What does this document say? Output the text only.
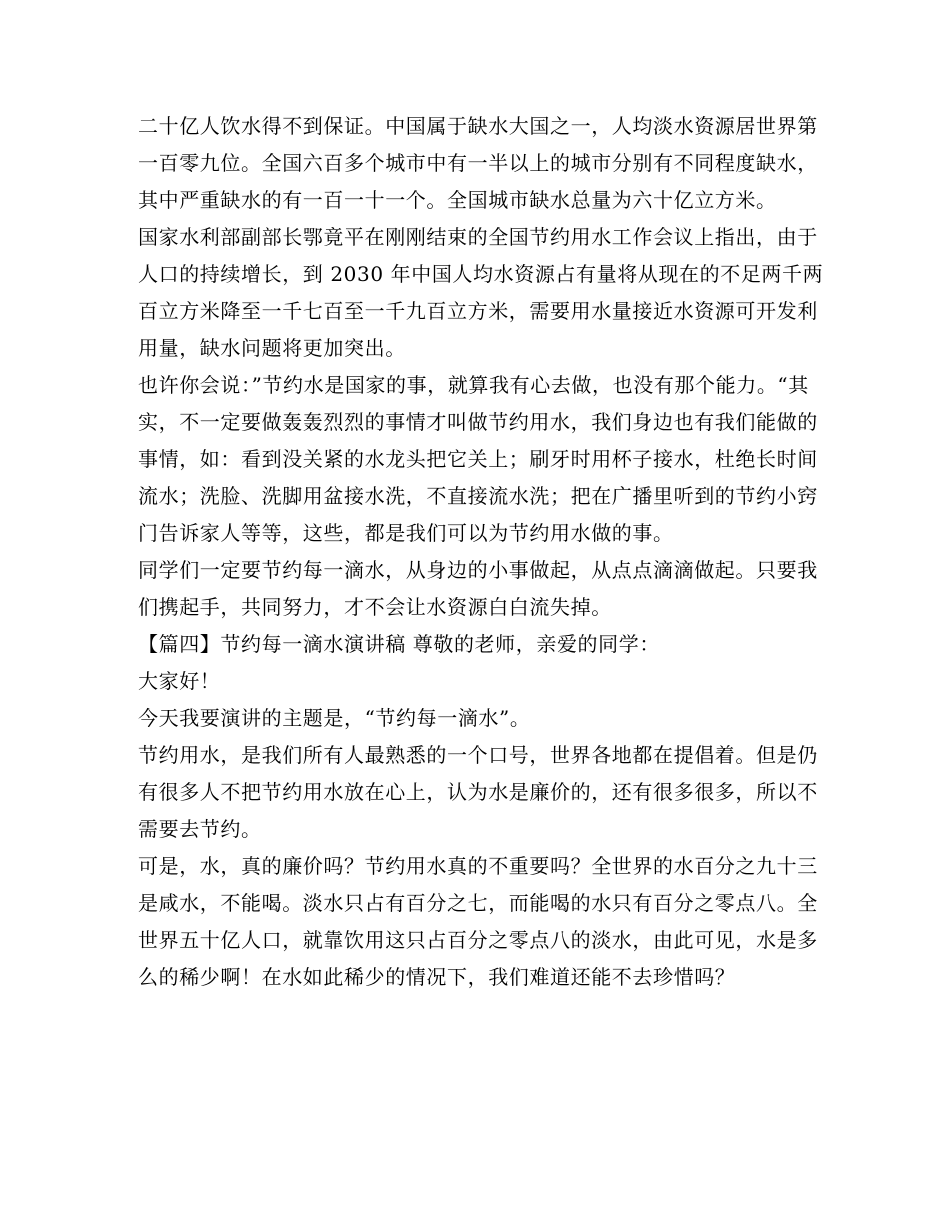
二十亿人饮水得不到保证。中国属于缺水大国之一，人均淡水资源居世界第一百零九位。全国六百多个城市中有一半以上的城市分别有不同程度缺水，其中严重缺水的有一百一十一个。全国城市缺水总量为六十亿立方米。

国家水利部副部长鄂竟平在刚刚结束的全国节约用水工作会议上指出，由于人口的持续增长，到 2030 年中国人均水资源占有量将从现在的不足两千两百立方米降至一千七百至一千九百立方米，需要用水量接近水资源可开发利用量，缺水问题将更加突出。

也许你会说：”节约水是国家的事，就算我有心去做，也没有那个能力。“其实，不一定要做轰轰烈烈的事情才叫做节约用水，我们身边也有我们能做的事情，如：看到没关紧的水龙头把它关上；刷牙时用杯子接水，杜绝长时间流水；洗脸、洗脚用盆接水洗，不直接流水洗；把在广播里听到的节约小窍门告诉家人等等，这些，都是我们可以为节约用水做的事。

同学们一定要节约每一滴水，从身边的小事做起，从点点滴滴做起。只要我们携起手，共同努力，才不会让水资源白白流失掉。

【篇四】节约每一滴水演讲稿 尊敬的老师，亲爱的同学：

大家好！

今天我要演讲的主题是，“节约每一滴水”。

节约用水，是我们所有人最熟悉的一个口号，世界各地都在提倡着。但是仍有很多人不把节约用水放在心上，认为水是廉价的，还有很多很多，所以不需要去节约。

可是，水，真的廉价吗？节约用水真的不重要吗？全世界的水百分之九十三是咸水，不能喝。淡水只占有百分之七，而能喝的水只有百分之零点八。全世界五十亿人口，就靠饮用这只占百分之零点八的淡水，由此可见，水是多么的稀少啊！在水如此稀少的情况下，我们难道还能不去珍惜吗？
